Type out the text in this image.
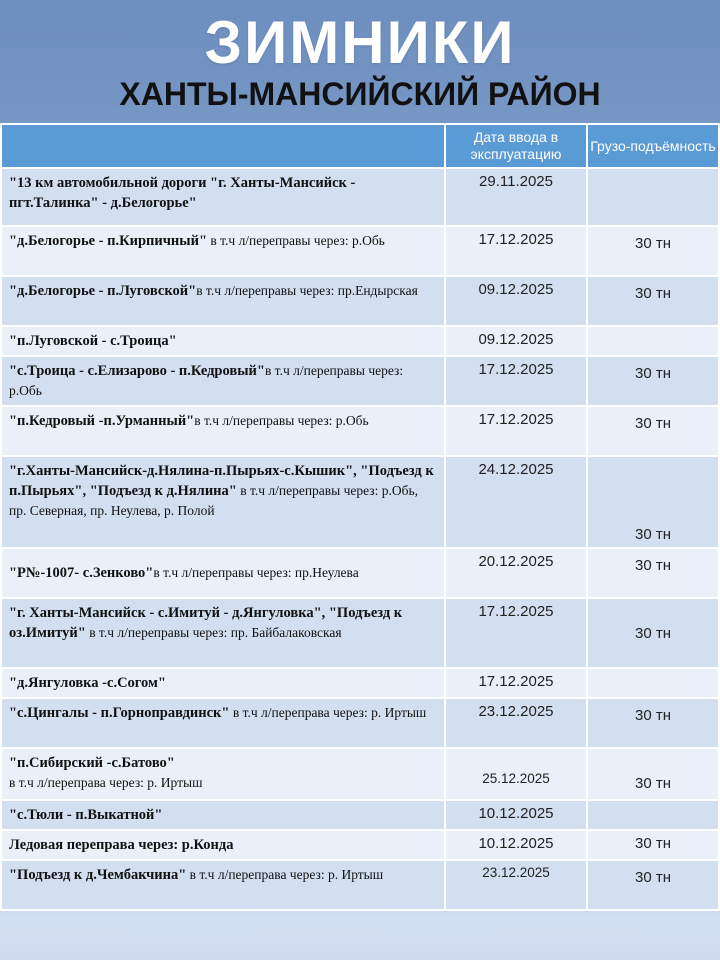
ЗИМНИКИ
ХАНТЫ-МАНСИЙСКИЙ РАЙОН
	Дата ввода в эксплуатацию	Грузо-подъёмность
"13 км автомобильной дороги "г. Ханты-Мансийск - пгт.Талинка" - д.Белогорье"	29.11.2025	
"д.Белогорье - п.Кирпичный" в т.ч л/переправы через: р.Обь	17.12.2025	30 тн
"д.Белогорье - п.Луговской"в т.ч л/переправы через: пр.Ендырская	09.12.2025	30 тн
"п.Луговской - с.Троица"	09.12.2025	
"с.Троица - с.Елизарово - п.Кедровый"в т.ч л/переправы через: р.Обь	17.12.2025	30 тн
"п.Кедровый -п.Урманный"в т.ч л/переправы через: р.Обь	17.12.2025	30 тн
"г.Ханты-Мансийск-д.Нялина-п.Пырьях-с.Кышик", "Подъезд к п.Пырьях", "Подъезд к д.Нялина" в т.ч л/переправы через: р.Обь, пр. Северная, пр. Неулева, р. Полой	24.12.2025	30 тн
"Р№-1007- с.Зенково"в т.ч л/переправы через: пр.Неулева	20.12.2025	30 тн
"г. Ханты-Мансийск - с.Имитуй - д.Янгуловка", "Подъезд к оз.Имитуй" в т.ч л/переправы через: пр. Байбалаковская	17.12.2025	30 тн
"д.Янгуловка -с.Согом"	17.12.2025	
"с.Цингалы - п.Горноправдинск" в т.ч л/переправа через: р. Иртыш	23.12.2025	30 тн
"п.Сибирский -с.Батово"
в т.ч л/переправа через: р. Иртыш	25.12.2025	30 тн
"с.Тюли - п.Выкатной"	10.12.2025	
Ледовая переправа через: р.Конда	10.12.2025	30 тн
"Подъезд к д.Чембакчина" в т.ч л/переправа через: р. Иртыш	23.12.2025	30 тн
